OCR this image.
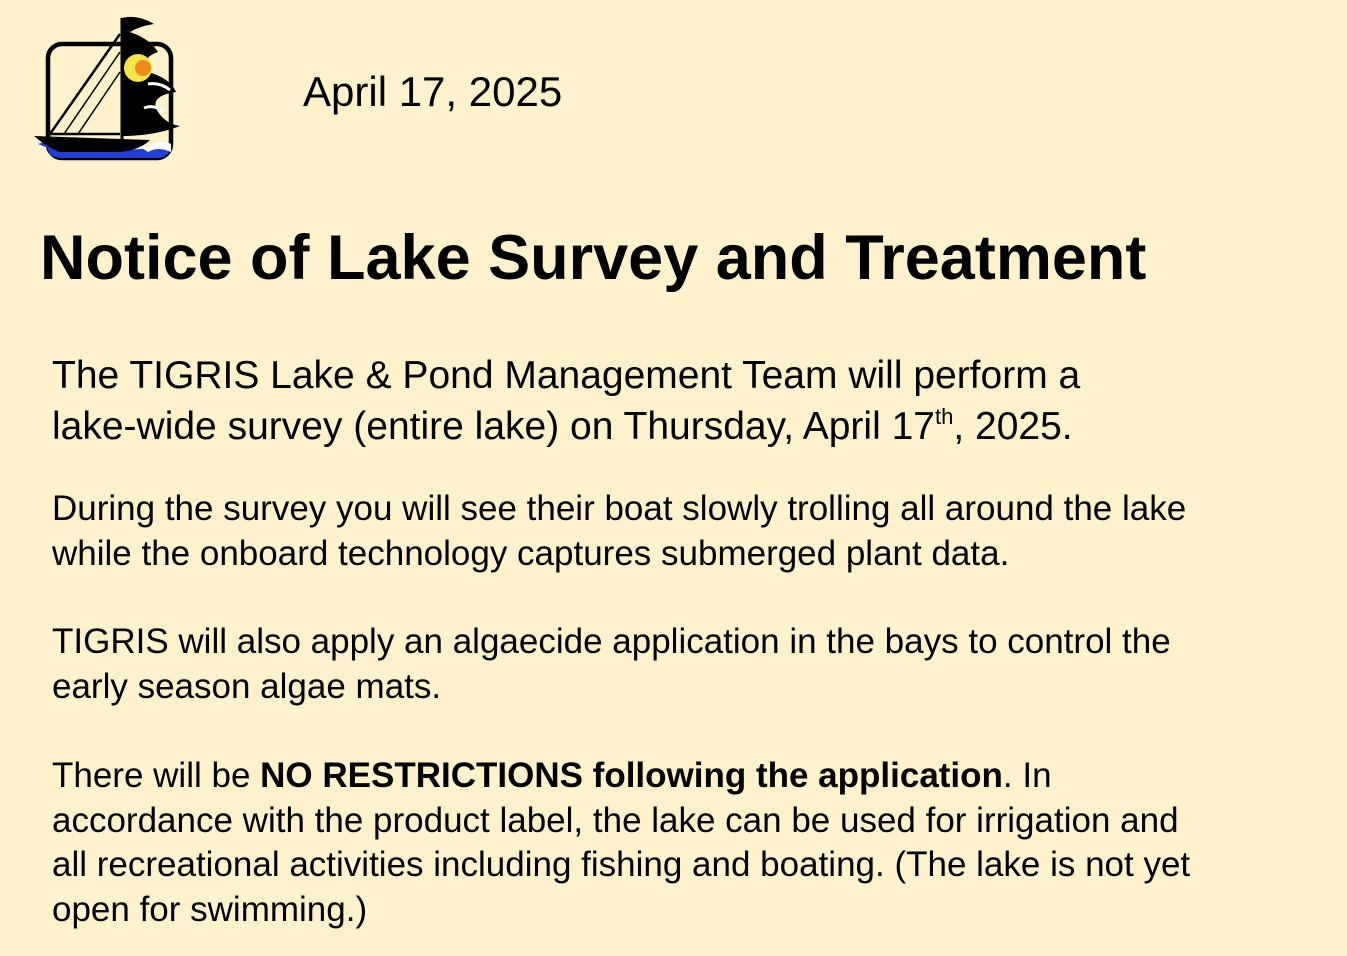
April 17, 2025
Notice of Lake Survey and Treatment

The TIGRIS Lake & Pond Management Team will perform a
lake-wide survey (entire lake) on Thursday, April 17th, 2025.

During the survey you will see their boat slowly trolling all around the lake
while the onboard technology captures submerged plant data.

TIGRIS will also apply an algaecide application in the bays to control the
early season algae mats.

There will be NO RESTRICTIONS following the application. In
accordance with the product label, the lake can be used for irrigation and
all recreational activities including fishing and boating. (The lake is not yet
open for swimming.)
